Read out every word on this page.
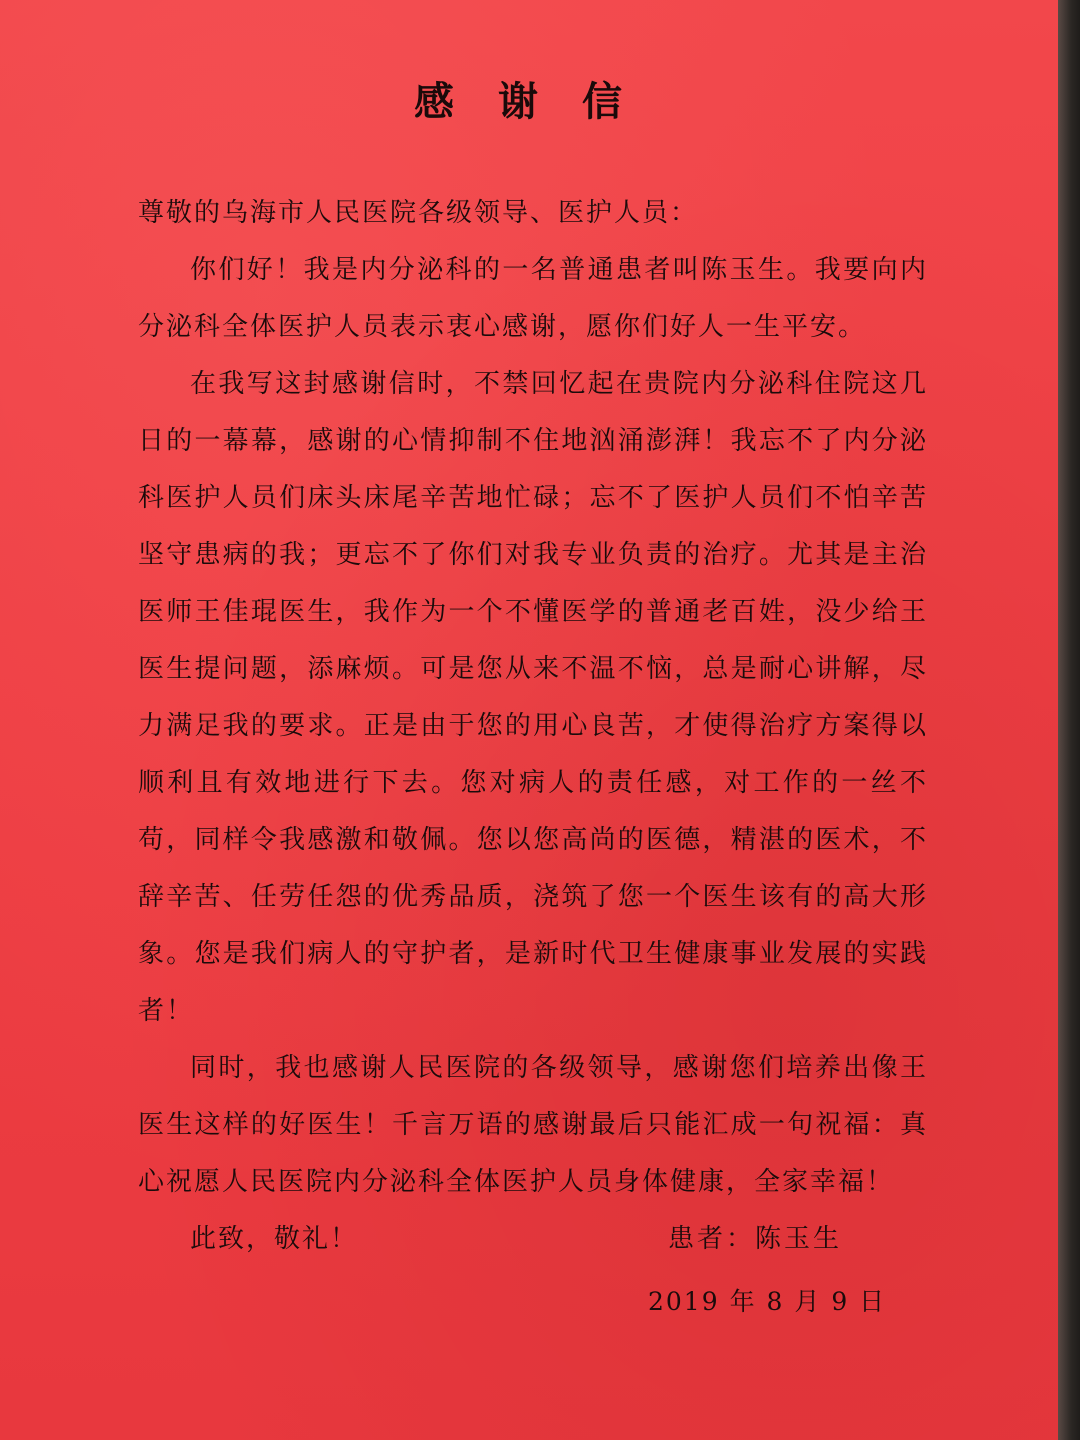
感谢信

尊敬的乌海市人民医院各级领导、医护人员：

你们好！我是内分泌科的一名普通患者叫陈玉生。我要向内分泌科全体医护人员表示衷心感谢，愿你们好人一生平安。

在我写这封感谢信时，不禁回忆起在贵院内分泌科住院这几日的一幕幕，感谢的心情抑制不住地汹涌澎湃！我忘不了内分泌科医护人员们床头床尾辛苦地忙碌；忘不了医护人员们不怕辛苦坚守患病的我；更忘不了你们对我专业负责的治疗。尤其是主治医师王佳琨医生，我作为一个不懂医学的普通老百姓，没少给王医生提问题，添麻烦。可是您从来不温不恼，总是耐心讲解，尽力满足我的要求。正是由于您的用心良苦，才使得治疗方案得以顺利且有效地进行下去。您对病人的责任感，对工作的一丝不苟，同样令我感激和敬佩。您以您高尚的医德，精湛的医术，不辞辛苦、任劳任怨的优秀品质，浇筑了您一个医生该有的高大形象。您是我们病人的守护者，是新时代卫生健康事业发展的实践者！

同时，我也感谢人民医院的各级领导，感谢您们培养出像王医生这样的好医生！千言万语的感谢最后只能汇成一句祝福：真心祝愿人民医院内分泌科全体医护人员身体健康，全家幸福！

此致，敬礼！	患者：陈玉生
2019 年 8 月 9 日
